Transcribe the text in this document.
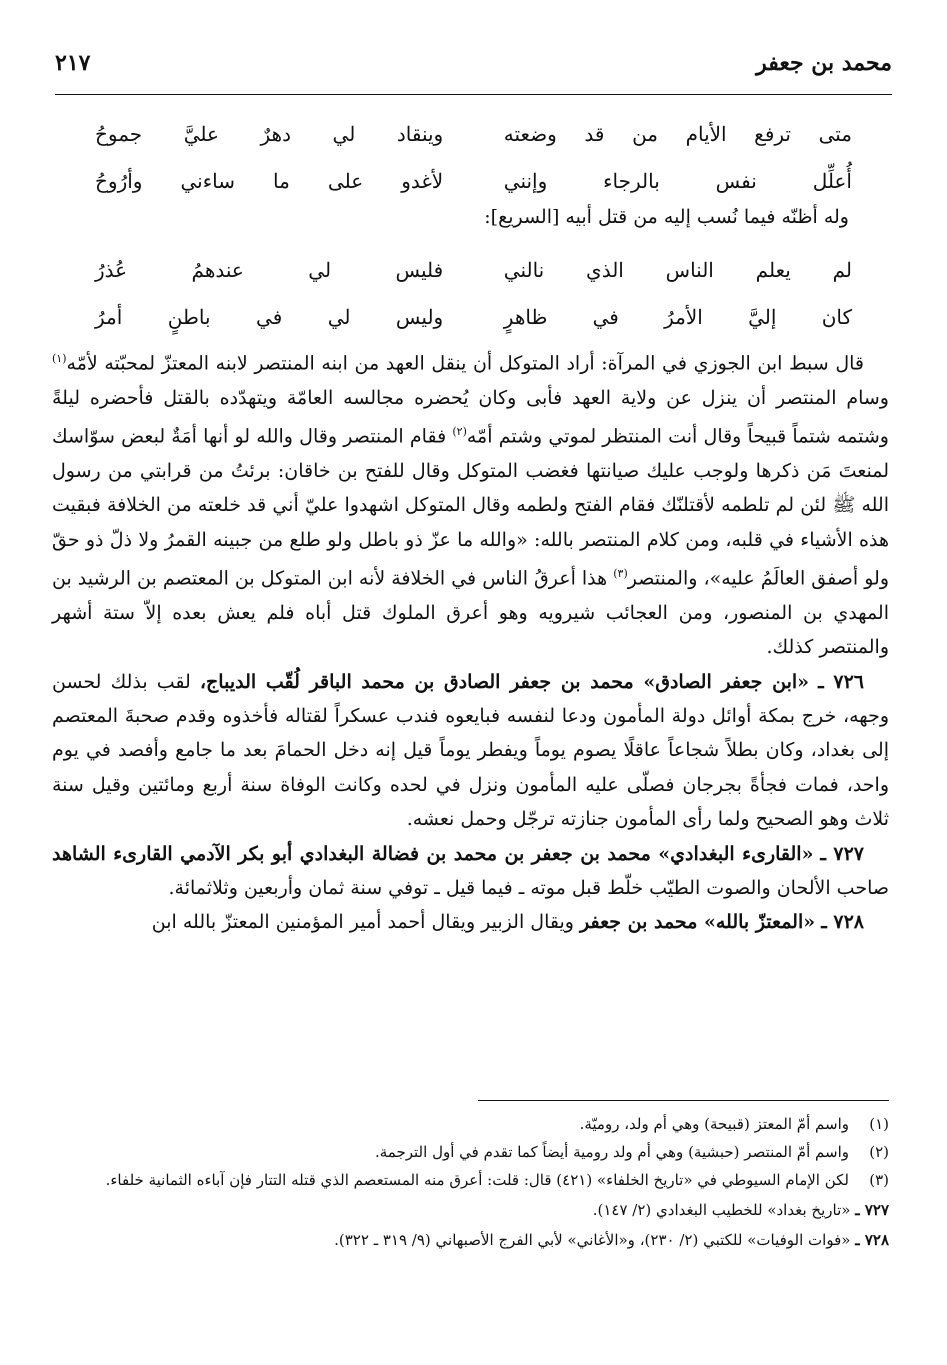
محمد بن جعفر
٢١٧
متى ترفع الأيام من قد وضعته
وينقاد لي دهرٌ عليَّ جموحُ
أُعلِّل نفس بالرجاء وإنني
لأغدو على ما ساءني وأرُوحُ
وله أظنّه فيما نُسب إليه من قتل أبيه [السريع]:
لم يعلم الناس الذي نالني
فليس لي عندهمُ عُذرُ
كان إليَّ الأمرُ في ظاهرٍ
وليس لي في باطنٍ أمرُ

قال سبط ابن الجوزي في المرآة: أراد المتوكل أن ينقل العهد من ابنه المنتصر لابنه المعتزّ لمحبّته لأمّه$^{(١)}$ وسام المنتصر أن ينزل عن ولاية العهد فأبى وكان يُحضره مجالسه العامّة ويتهدّده بالقتل فأحضره ليلةً وشتمه شتماً قبيحاً وقال أنت المنتظر لموتي وشتم أمّه$^{(٢)}$ فقام المنتصر وقال والله لو أنها أمَةٌ لبعض سوّاسك لمنعتَ مَن ذكرها ولوجب عليك صيانتها فغضب المتوكل وقال للفتح بن خاقان: برئتُ من قرابتي من رسول الله ﷺ لئن لم تلطمه لأقتلنّك فقام الفتح ولطمه وقال المتوكل اشهدوا عليّ أني قد خلعته من الخلافة فبقيت هذه الأشياء في قلبه، ومن كلام المنتصر بالله: «والله ما عزّ ذو باطل ولو طلع من جبينه القمرُ ولا ذلّ ذو حقّ ولو أصفق العالَمُ عليه»، والمنتصر$^{(٣)}$ هذا أعرقُ الناس في الخلافة لأنه ابن المتوكل بن المعتصم بن الرشيد بن المهدي بن المنصور، ومن العجائب شيرويه وهو أعرق الملوك قتل أباه فلم يعش بعده إلاّ ستة أشهر والمنتصر كذلك.

٧٢٦ ـ «ابن جعفر الصادق» محمد بن جعفر الصادق بن محمد الباقر لُقّب الديباج، لقب بذلك لحسن وجهه، خرج بمكة أوائل دولة المأمون ودعا لنفسه فبايعوه فندب عسكراً لقتاله فأخذوه وقدم صحبةَ المعتصم إلى بغداد، وكان بطلاً شجاعاً عاقلًا يصوم يوماً ويفطر يوماً قيل إنه دخل الحمامَ بعد ما جامع وأفصد في يوم واحد، فمات فجأةً بجرجان فصلّى عليه المأمون ونزل في لحده وكانت الوفاة سنة أربع ومائتين وقيل سنة ثلاث وهو الصحيح ولما رأى المأمون جنازته ترجّل وحمل نعشه.

٧٢٧ ـ «القارىء البغدادي» محمد بن جعفر بن محمد بن فضالة البغدادي أبو بكر الآدمي القارىء الشاهد صاحب الألحان والصوت الطيّب خلّط قبل موته ـ فيما قيل ـ توفي سنة ثمان وأربعين وثلاثمائة.

٧٢٨ ـ «المعتزّ بالله» محمد بن جعفر ويقال الزبير ويقال أحمد أمير المؤمنين المعتزّ بالله ابن

(١)
واسم أمّ المعتز (قبيحة) وهي أم ولد، روميّة.
(٢)
واسم أمّ المنتصر (حبشية) وهي أم ولد رومية أيضاً كما تقدم في أول الترجمة.
(٣)
لكن الإمام السيوطي في «تاريخ الخلفاء» (٤٢١) قال: قلت: أعرق منه المستعصم الذي قتله التتار فإن آباءه الثمانية خلفاء.
٧٢٧ ـ «تاريخ بغداد» للخطيب البغدادي (٢/ ١٤٧).
٧٢٨ ـ «فوات الوفيات» للكتبي (٢/ ٢٣٠)، و«الأغاني» لأبي الفرج الأصبهاني (٩/ ٣١٩ ـ ٣٢٢).
